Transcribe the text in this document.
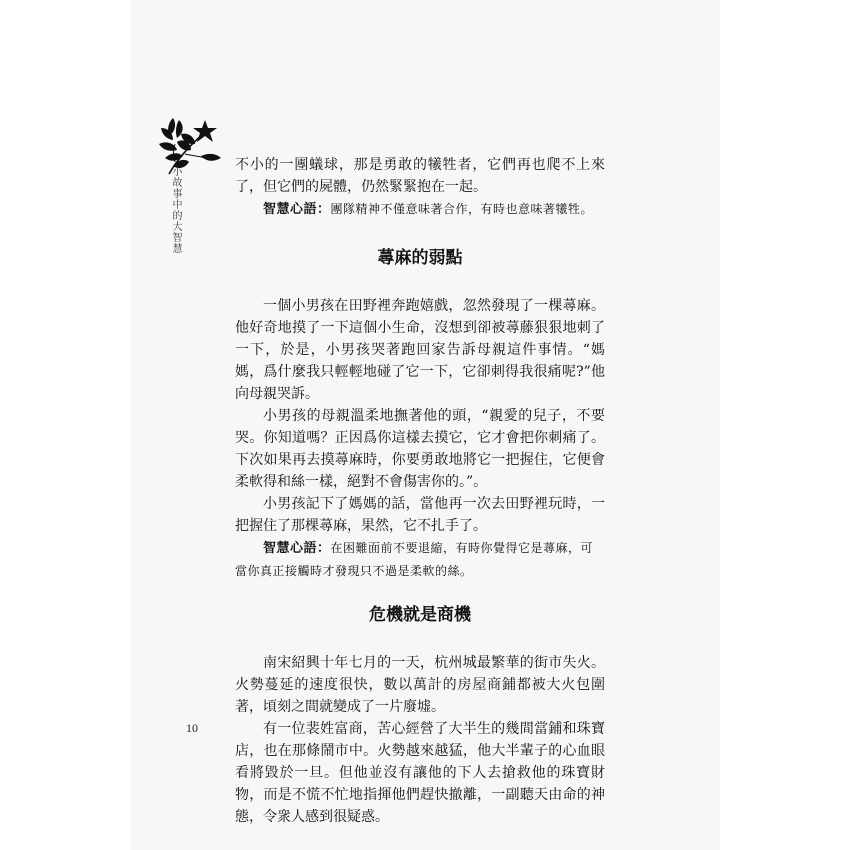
小故事中的大智慧
10

不小的一團蟻球，那是勇敢的犧牲者，它們再也爬不上來了，但它們的屍體，仍然緊緊抱在一起。

智慧心語：團隊精神不僅意味著合作，有時也意味著犧牲。

蕁麻的弱點

一個小男孩在田野裡奔跑嬉戲，忽然發現了一棵蕁麻。他好奇地摸了一下這個小生命，沒想到卻被蕁藤狠狠地刺了一下，於是，小男孩哭著跑回家告訴母親這件事情。“媽媽，爲什麼我只輕輕地碰了它一下，它卻刺得我很痛呢?”他向母親哭訴。

小男孩的母親溫柔地撫著他的頭，“親愛的兒子，不要哭。你知道嗎？正因爲你這樣去摸它，它才會把你刺痛了。下次如果再去摸蕁麻時，你要勇敢地將它一把握住，它便會柔軟得和絲一樣，絕對不會傷害你的。”。

小男孩記下了媽媽的話，當他再一次去田野裡玩時，一把握住了那棵蕁麻，果然，它不扎手了。

智慧心語：在困難面前不要退縮，有時你覺得它是蕁麻，可當你真正接觸時才發現只不過是柔軟的絲。

危機就是商機

南宋紹興十年七月的一天，杭州城最繁華的街市失火。火勢蔓延的速度很快，數以萬計的房屋商鋪都被大火包圍著，頃刻之間就變成了一片廢墟。

有一位裴姓富商，苦心經營了大半生的幾間當鋪和珠寶店，也在那條鬧市中。火勢越來越猛，他大半輩子的心血眼看將毀於一旦。但他並沒有讓他的下人去搶救他的珠寶財物，而是不慌不忙地指揮他們趕快撤離，一副聽天由命的神態，令衆人感到很疑惑。
